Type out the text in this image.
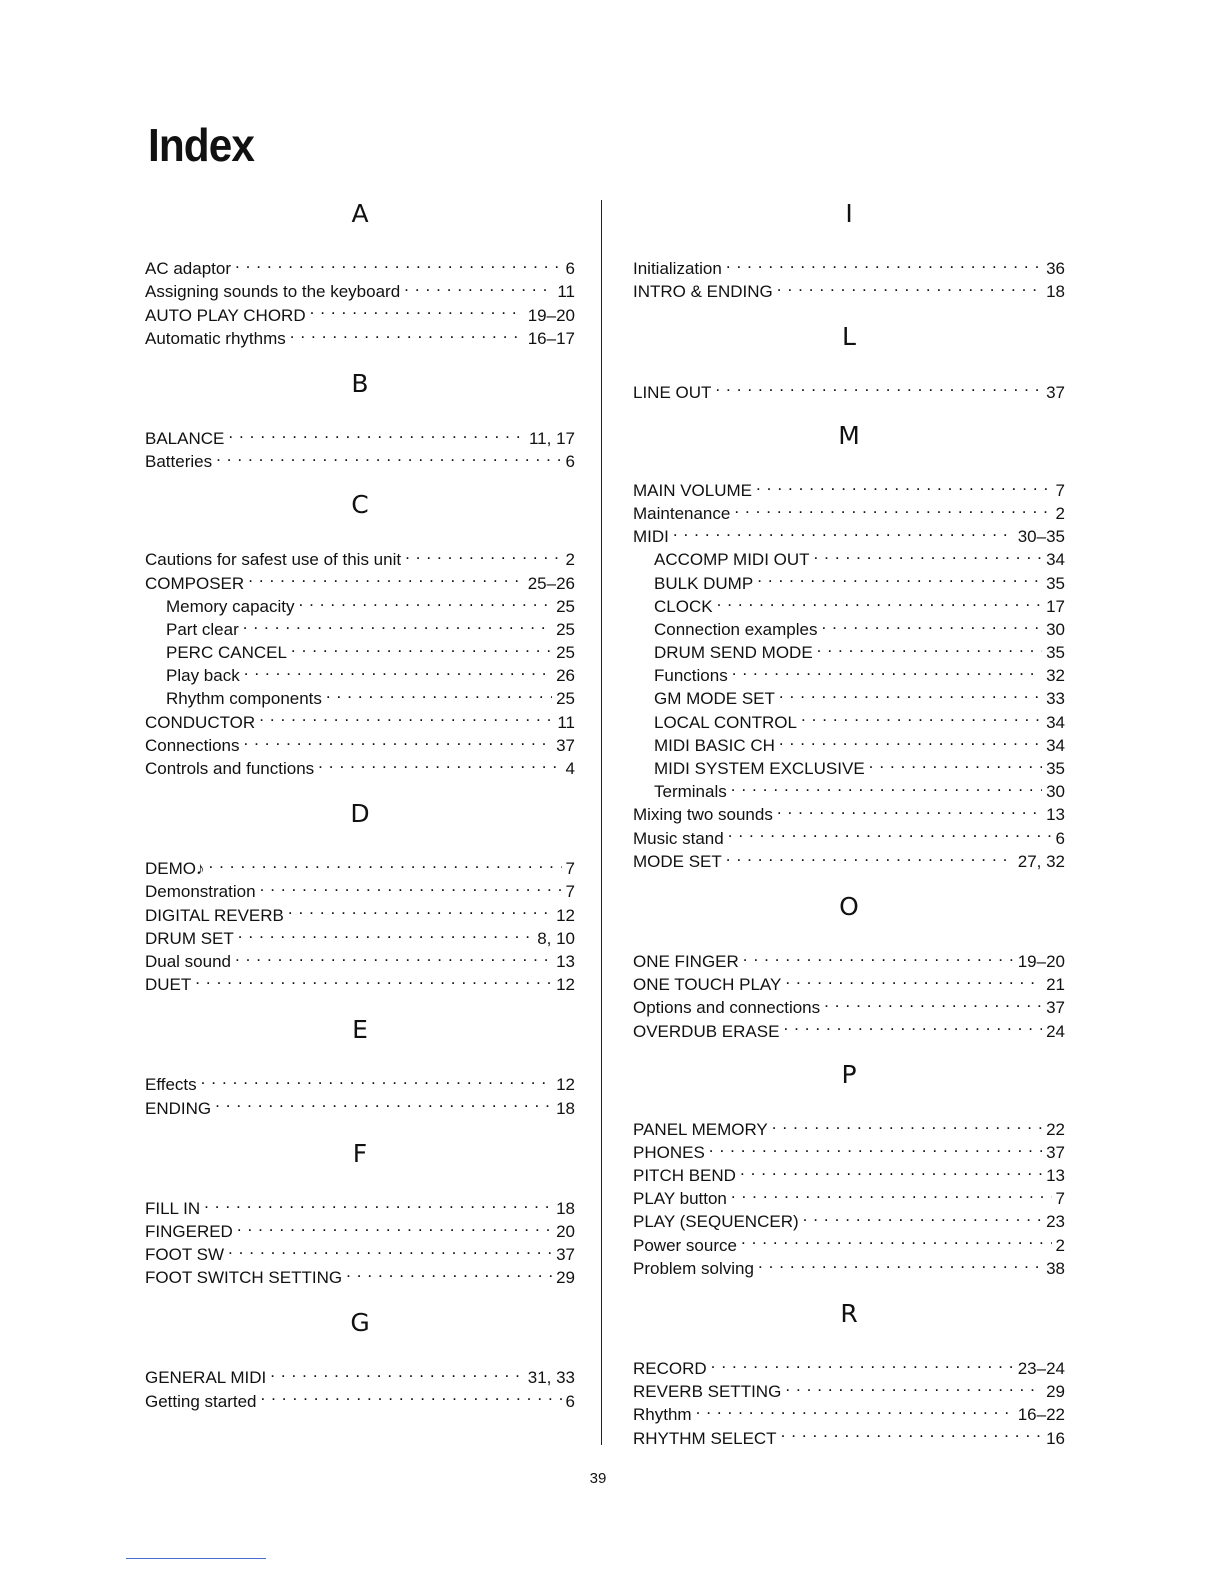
Index
A
AC adaptor . . .	6
Assigning sounds to the keyboard . . .	11
AUTO PLAY CHORD . . .	19–20
Automatic rhythms . . .	16–17
B
BALANCE . . .	11, 17
Batteries . . .	6
C
Cautions for safest use of this unit . . .	2
COMPOSER . . .	25–26
Memory capacity . . .	25
Part clear . . .	25
PERC CANCEL . . .	25
Play back . . .	26
Rhythm components . . .	25
CONDUCTOR . . .	11
Connections . . .	37
Controls and functions . . .	4
D
DEMO♪ . . .	7
Demonstration . . .	7
DIGITAL REVERB . . .	12
DRUM SET . . .	8, 10
Dual sound . . .	13
DUET . . .	12
E
Effects . . .	12
ENDING . . .	18
F
FILL IN . . .	18
FINGERED . . .	20
FOOT SW . . .	37
FOOT SWITCH SETTING . . .	29
G
GENERAL MIDI . . .	31, 33
Getting started . . .	6
I
Initialization . . .	36
INTRO & ENDING . . .	18
L
LINE OUT . . .	37
M
MAIN VOLUME . . .	7
Maintenance . . .	2
MIDI . . .	30–35
ACCOMP MIDI OUT . . .	34
BULK DUMP . . .	35
CLOCK . . .	17
Connection examples . . .	30
DRUM SEND MODE . . .	35
Functions . . .	32
GM MODE SET . . .	33
LOCAL CONTROL . . .	34
MIDI BASIC CH . . .	34
MIDI SYSTEM EXCLUSIVE . . .	35
Terminals . . .	30
Mixing two sounds . . .	13
Music stand . . .	6
MODE SET . . .	27, 32
O
ONE FINGER . . .	19–20
ONE TOUCH PLAY . . .	21
Options and connections . . .	37
OVERDUB ERASE . . .	24
P
PANEL MEMORY . . .	22
PHONES . . .	37
PITCH BEND . . .	13
PLAY button . . .	7
PLAY (SEQUENCER) . . .	23
Power source . . .	2
Problem solving . . .	38
R
RECORD . . .	23–24
REVERB SETTING . . .	29
Rhythm . . .	16–22
RHYTHM SELECT . . .	16
39
